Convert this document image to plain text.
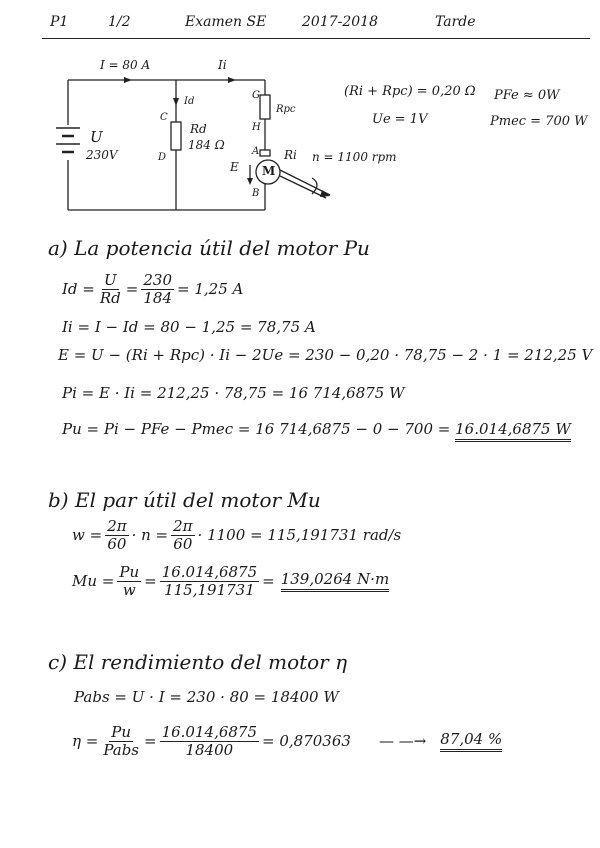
P1	1/2	Examen SE	2017-2018	Tarde
I = 80 A	Ii
Id
C
D
Rd
184 Ω
Rpc
G
H
A
B
Ri
E M
U
230V	n = 1100 rpm
(Ri + Rpc) = 0,20 Ω
Ue = 1V
PFe ≈ 0W
Pmec = 700 W
a) La potencia útil del motor Pu
$Id = \frac{U}{Rd} = \frac{230}{184} = 1,25$ A
Ii = I − Id = 80 − 1,25 = 78,75 A
E = U − (Ri + Rpc) · Ii − 2Ue = 230 − 0,20 · 78,75 − 2 · 1 = 212,25 V
Pi = E · Ii = 212,25 · 78,75 = 16 714,6875 W
Pu = Pi − PFe − Pmec = 16 714,6875 − 0 − 700 = 16.014,6875 W
b) El par útil del motor Mu
$w = \frac{2\pi}{60} \cdot n = \frac{2\pi}{60} \cdot 1100 = 115,191731$ rad/s
$Mu = \frac{Pu}{w} = \frac{16.014,6875}{115,191731} = 139,0264$ N·m
c) El rendimiento del motor η
Pabs = U · I = 230 · 80 = 18400 W
$\eta = \frac{Pu}{\text{Pabs}} = \frac{16.014,6875}{18400} = 0,870363$ — —→ 87,04 %
